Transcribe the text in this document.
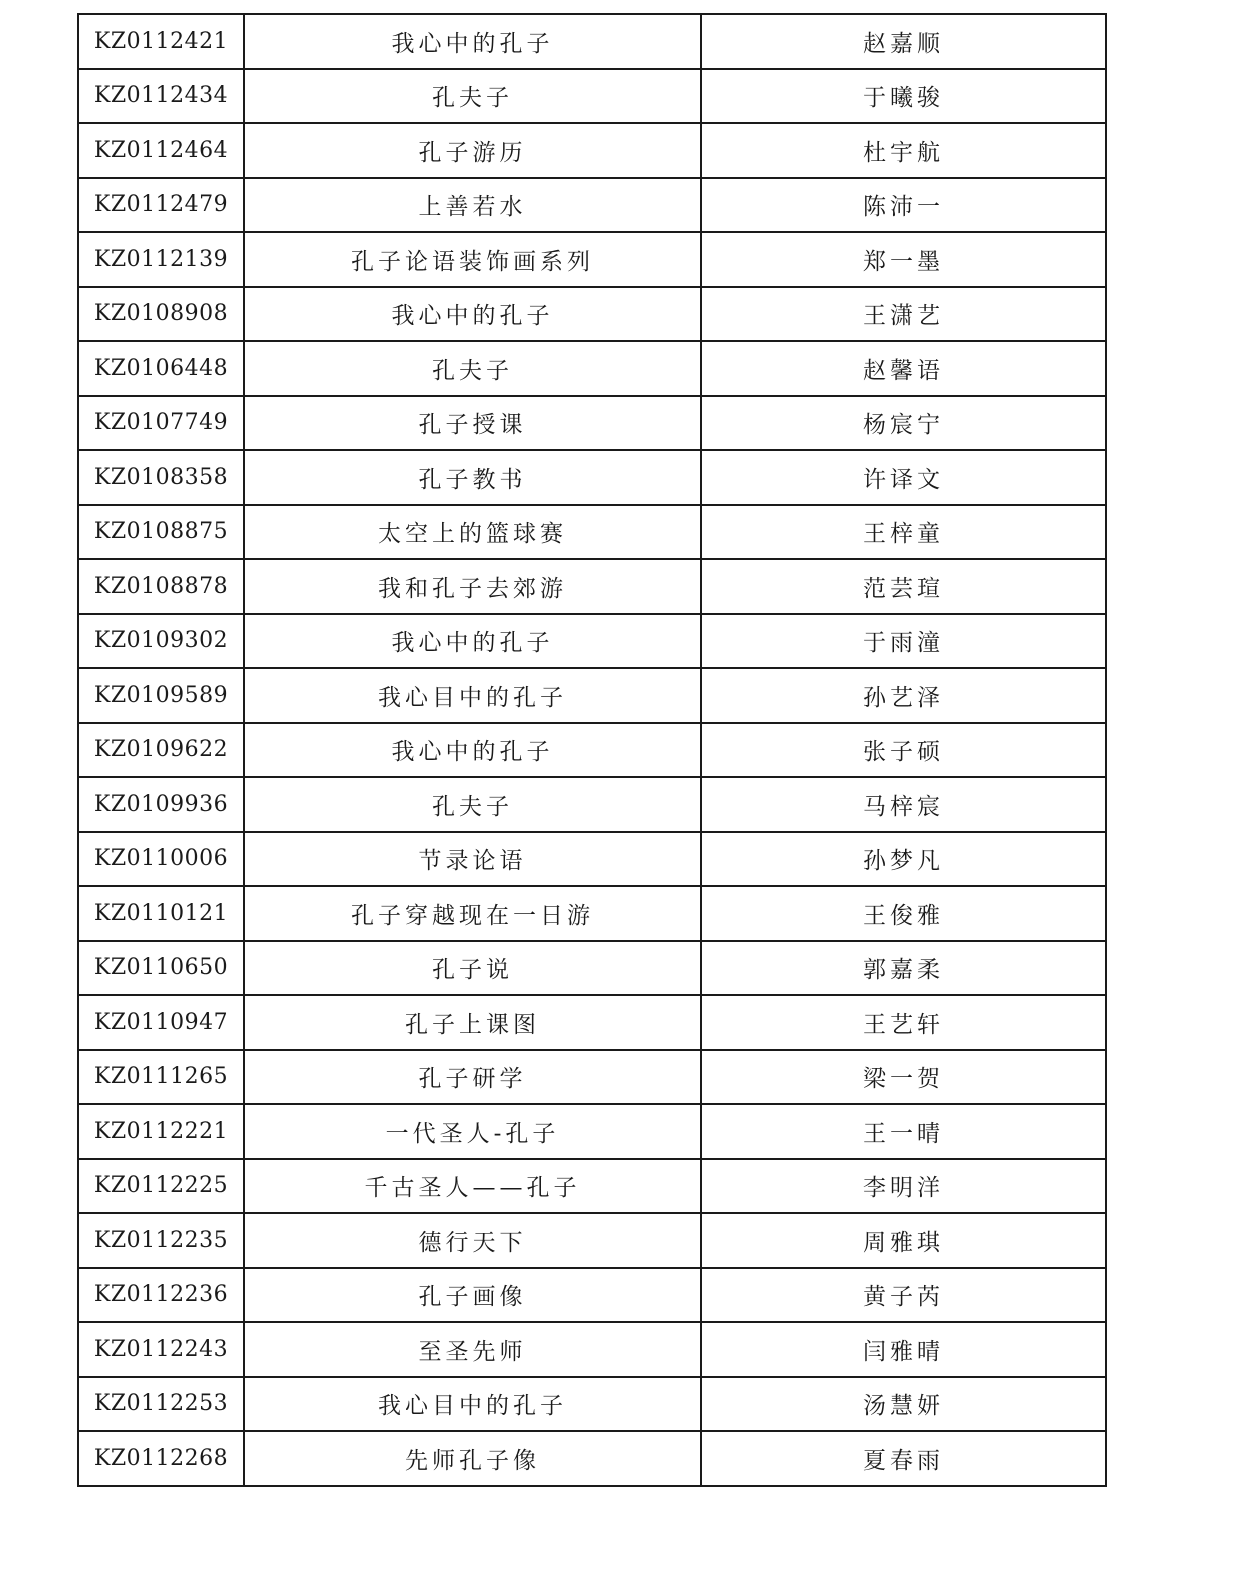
KZ0112421	我心中的孔子	赵嘉顺
KZ0112434	孔夫子	于曦骏
KZ0112464	孔子游历	杜宇航
KZ0112479	上善若水	陈沛一
KZ0112139	孔子论语装饰画系列	郑一墨
KZ0108908	我心中的孔子	王潇艺
KZ0106448	孔夫子	赵馨语
KZ0107749	孔子授课	杨宸宁
KZ0108358	孔子教书	许译文
KZ0108875	太空上的篮球赛	王梓童
KZ0108878	我和孔子去郊游	范芸瑄
KZ0109302	我心中的孔子	于雨潼
KZ0109589	我心目中的孔子	孙艺泽
KZ0109622	我心中的孔子	张子硕
KZ0109936	孔夫子	马梓宸
KZ0110006	节录论语	孙梦凡
KZ0110121	孔子穿越现在一日游	王俊雅
KZ0110650	孔子说	郭嘉柔
KZ0110947	孔子上课图	王艺轩
KZ0111265	孔子研学	梁一贺
KZ0112221	一代圣人-孔子	王一晴
KZ0112225	千古圣人——孔子	李明洋
KZ0112235	德行天下	周雅琪
KZ0112236	孔子画像	黄子芮
KZ0112243	至圣先师	闫雅晴
KZ0112253	我心目中的孔子	汤慧妍
KZ0112268	先师孔子像	夏春雨
